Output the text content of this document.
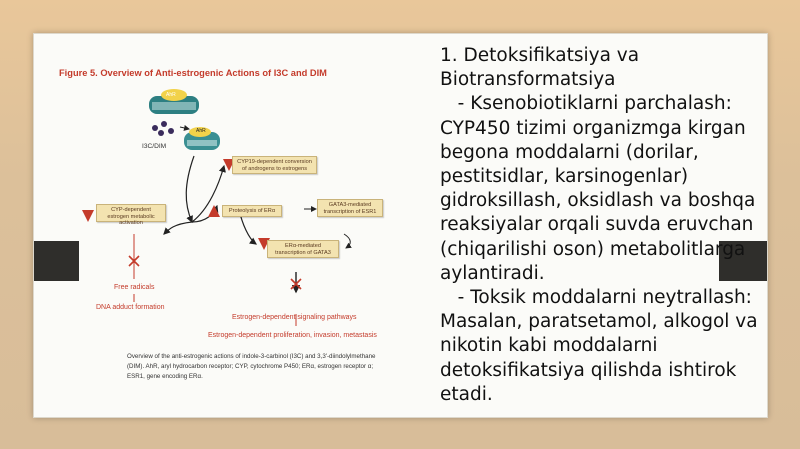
Figure 5. Overview of Anti-estrogenic Actions of I3C and DIM
I3C/DIM
AhR
AhR
CYP19-dependent conversion of androgens to estrogens
CYP-dependent estrogen metabolic activation
Proteolysis of ERα
GATA3-mediated transcription of ESR1
ERα-mediated transcription of GATA3
Free radicals
DNA adduct formation
Estrogen-dependent signaling pathways
Estrogen-dependent proliferation, invasion, metastasis
Overview of the anti-estrogenic actions of indole-3-carbinol (I3C) and 3,3'-diindolylmethane (DIM). AhR, aryl hydrocarbon receptor; CYP, cytochrome P450; ERα, estrogen receptor α; ESR1, gene encoding ERα.
1. Detoksifikatsiya va
Biotransformatsiya
- Ksenobiotiklarni parchalash:
CYP450 tizimi organizmga kirgan
begona moddalarni (dorilar,
pestitsidlar, karsinogenlar)
gidroksillash, oksidlash va boshqa
reaksiyalar orqali suvda eruvchan
(chiqarilishi oson) metabolitlarga
aylantiradi.
- Toksik moddalarni neytrallash:
Masalan, paratsetamol, alkogol va
nikotin kabi moddalarni
detoksifikatsiya qilishda ishtirok
etadi.
